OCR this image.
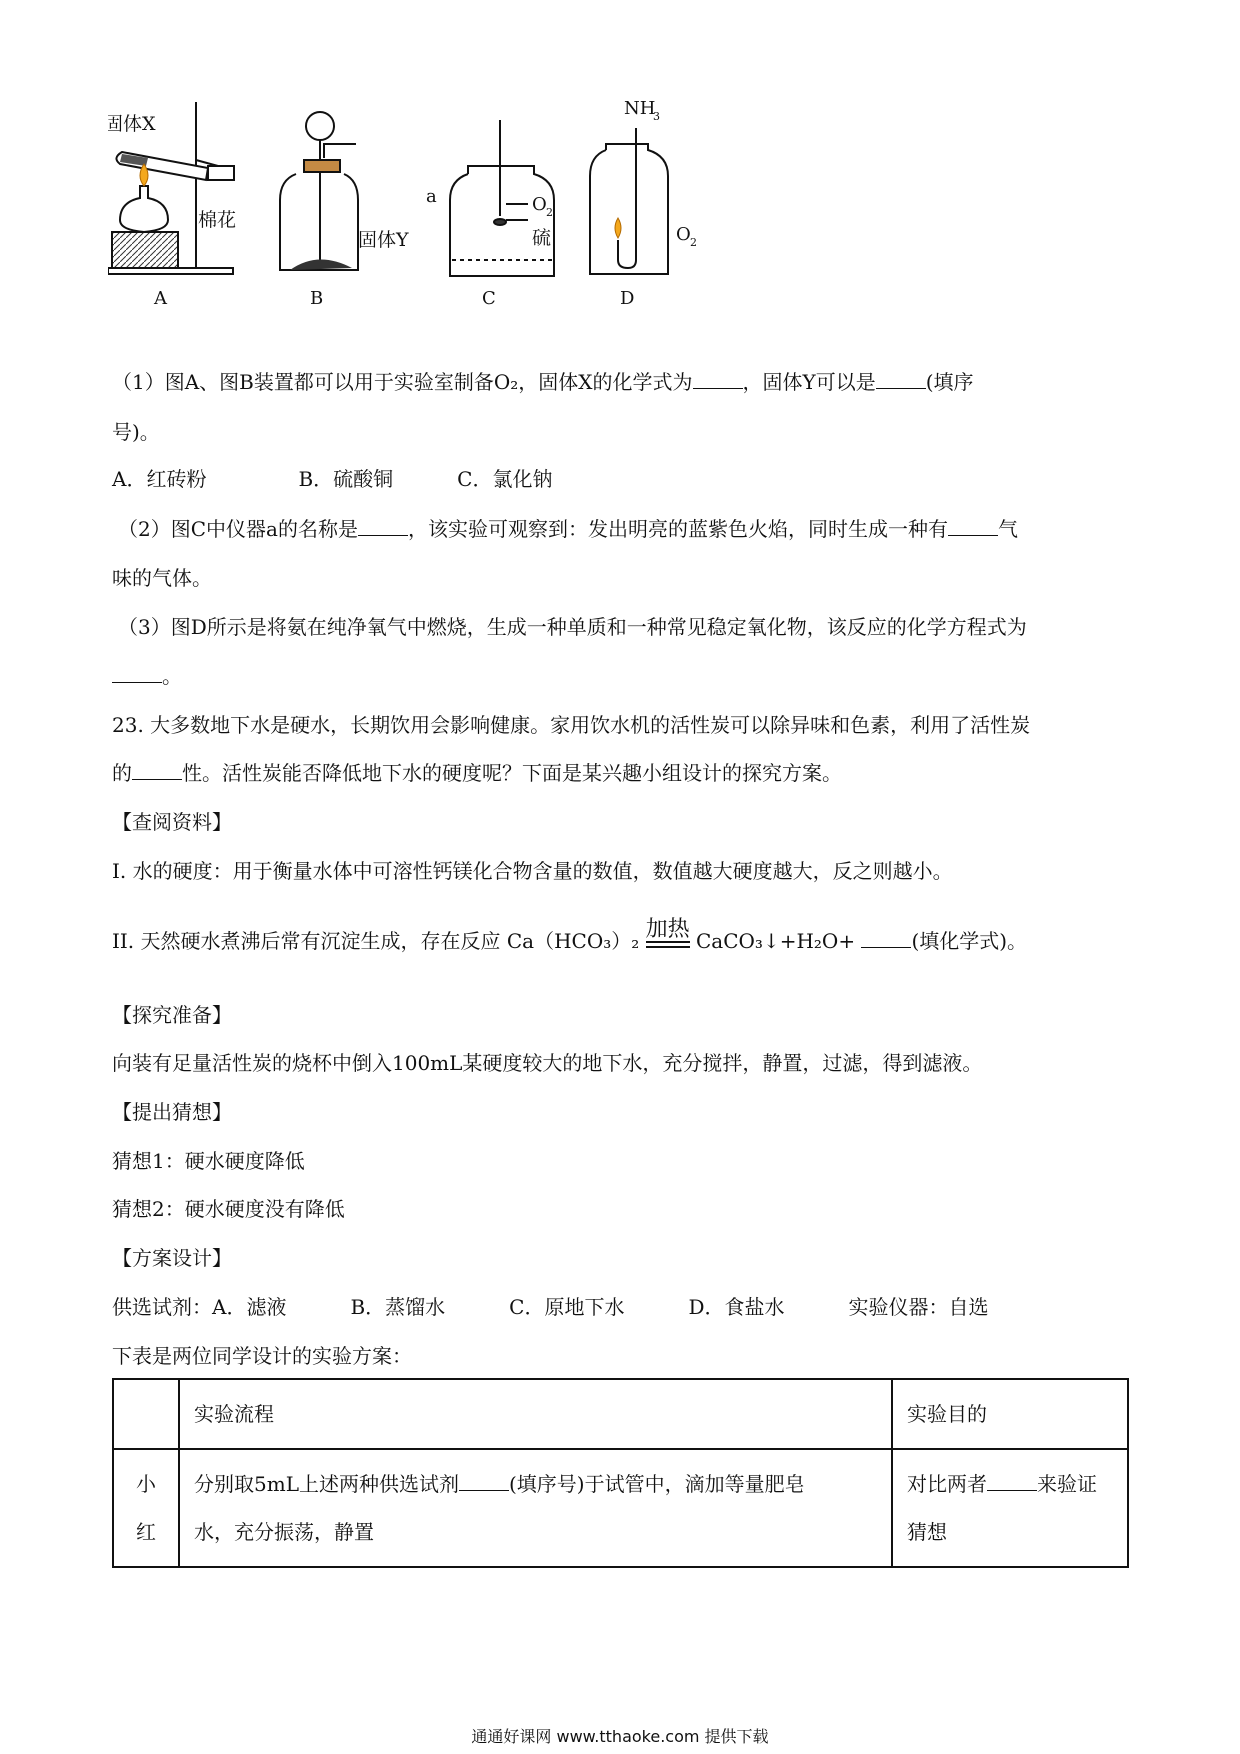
固体X
棉花
A
固体Y
B
a	O 2
硫
C
NH
3
O 2
D
（1）图A、图B装置都可以用于实验室制备O₂，固体X的化学式为	，固体Y可以是	(填序
号)。
A．红砖粉	B．硫酸铜	C．氯化钠
（2）图C中仪器a的名称是	，该实验可观察到：发出明亮的蓝紫色火焰，同时生成一种有	气
味的气体。
（3）图D所示是将氨在纯净氧气中燃烧，生成一种单质和一种常见稳定氧化物，该反应的化学方程式为
。
23. 大多数地下水是硬水，长期饮用会影响健康。家用饮水机的活性炭可以除异味和色素，利用了活性炭
的	性。活性炭能否降低地下水的硬度呢？下面是某兴趣小组设计的探究方案。
【查阅资料】
I. 水的硬度：用于衡量水体中可溶性钙镁化合物含量的数值，数值越大硬度越大，反之则越小。
II. 天然硬水煮沸后常有沉淀生成，存在反应 Ca（HCO₃）₂ 加热 CaCO₃↓+H₂O+	(填化学式)。
【探究准备】
向装有足量活性炭的烧杯中倒入100mL某硬度较大的地下水，充分搅拌，静置，过滤，得到滤液。
【提出猜想】
猜想1：硬水硬度降低
猜想2：硬水硬度没有降低
【方案设计】
供选试剂：A．滤液	B．蒸馏水	C．原地下水	D．食盐水	实验仪器：自选
下表是两位同学设计的实验方案：
	实验流程	实验目的
小红	分别取5mL上述两种供选试剂 (填序号)于试管中，滴加等量肥皂
水，充分振荡，静置	对比两者 来验证
猜想
通通好课网 www.tthaoke.com 提供下载
